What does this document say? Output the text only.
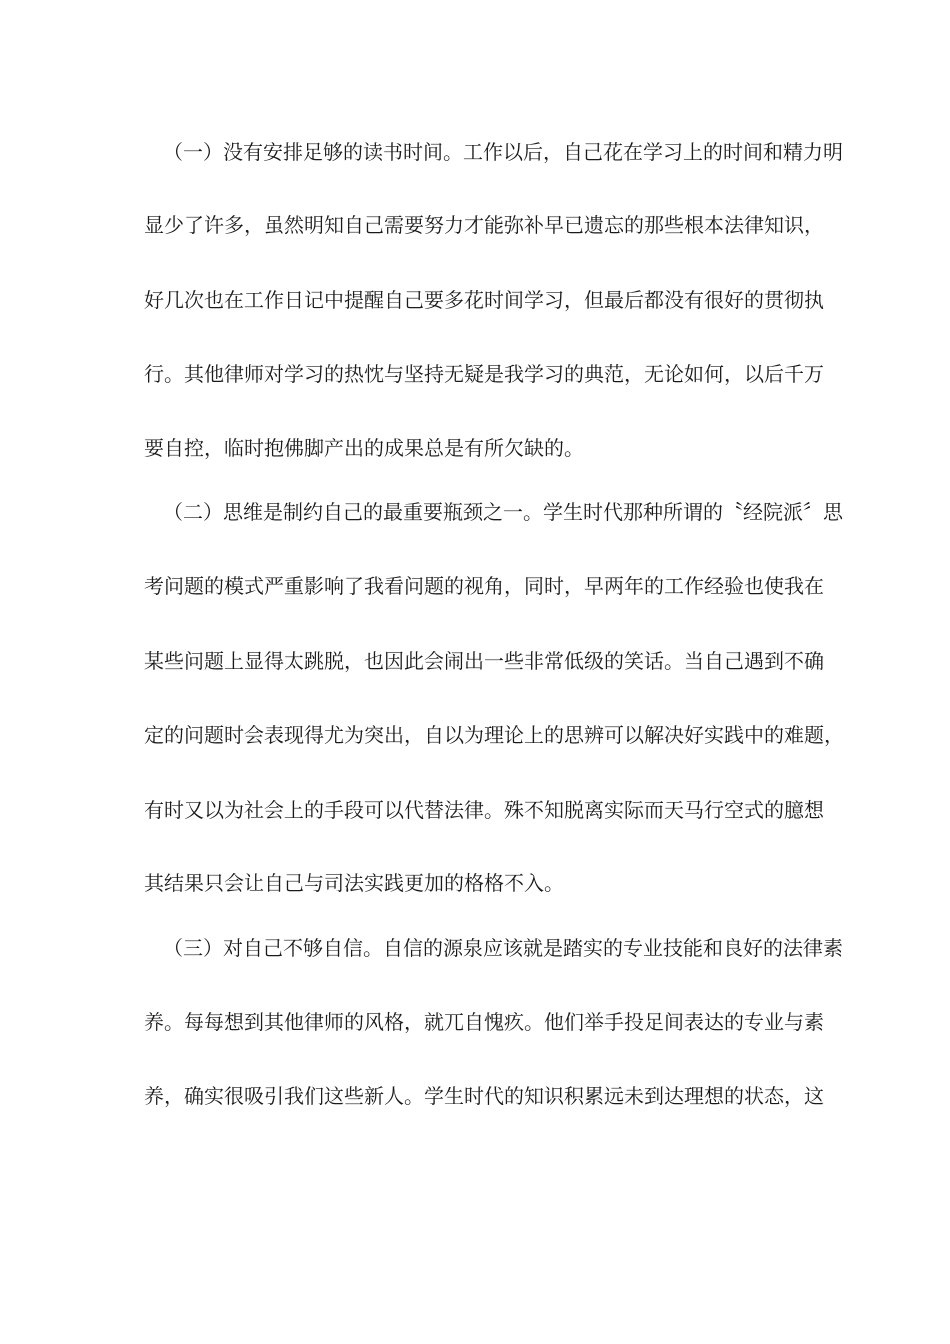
（一）没有安排足够的读书时间。工作以后，自己花在学习上的时间和精力明
显少了许多，虽然明知自己需要努力才能弥补早已遗忘的那些根本法律知识，
好几次也在工作日记中提醒自己要多花时间学习，但最后都没有很好的贯彻执
行。其他律师对学习的热忱与坚持无疑是我学习的典范，无论如何，以后千万
要自控，临时抱佛脚产出的成果总是有所欠缺的。
（二）思维是制约自己的最重要瓶颈之一。学生时代那种所谓的〝经院派〞思
考问题的模式严重影响了我看问题的视角，同时，早两年的工作经验也使我在
某些问题上显得太跳脱，也因此会闹出一些非常低级的笑话。当自己遇到不确
定的问题时会表现得尤为突出，自以为理论上的思辨可以解决好实践中的难题，
有时又以为社会上的手段可以代替法律。殊不知脱离实际而天马行空式的臆想
其结果只会让自己与司法实践更加的格格不入。
（三）对自己不够自信。自信的源泉应该就是踏实的专业技能和良好的法律素
养。每每想到其他律师的风格，就兀自愧疚。他们举手投足间表达的专业与素
养，确实很吸引我们这些新人。学生时代的知识积累远未到达理想的状态，这
